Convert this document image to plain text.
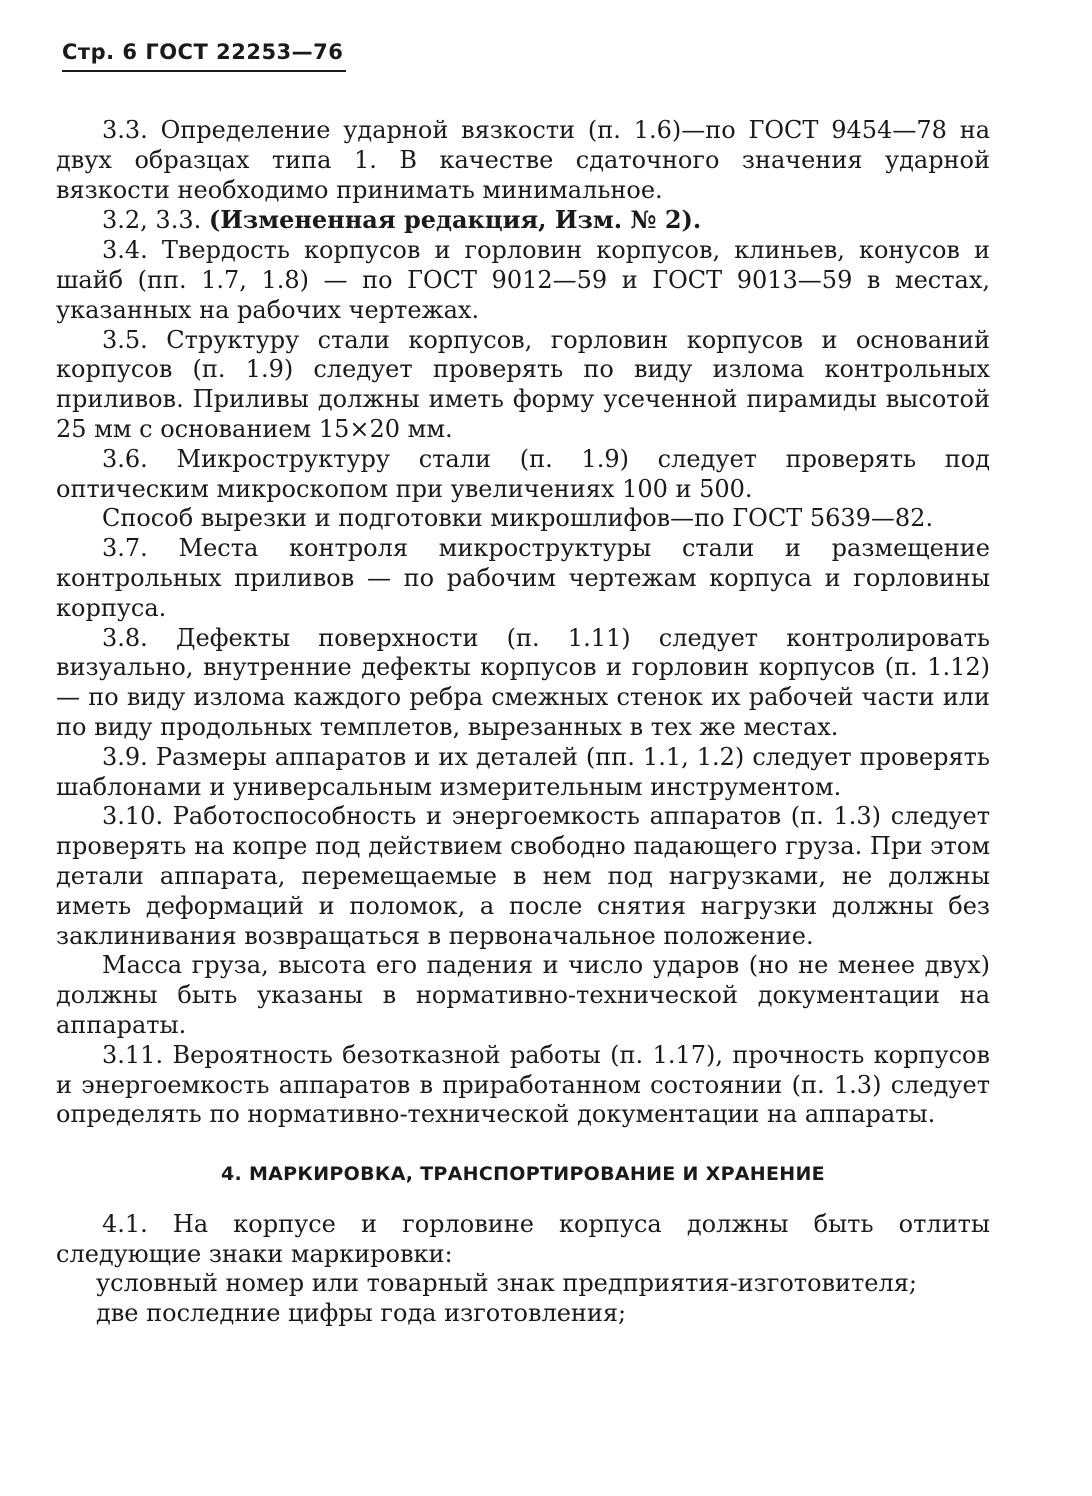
Стр. 6 ГОСТ 22253—76

3.3. Определение ударной вязкости (п. 1.6)—по ГОСТ 9454—78 на двух образцах типа 1. В качестве сдаточного значения ударной вязкости необходимо принимать минимальное.

3.2, 3.3. (Измененная редакция, Изм. № 2).

3.4. Твердость корпусов и горловин корпусов, клиньев, конусов и шайб (пп. 1.7, 1.8) — по ГОСТ 9012—59 и ГОСТ 9013—59 в местах, указанных на рабочих чертежах.

3.5. Структуру стали корпусов, горловин корпусов и оснований корпусов (п. 1.9) следует проверять по виду излома контрольных приливов. Приливы должны иметь форму усеченной пирамиды высотой 25 мм с основанием 15×20 мм.

3.6. Микроструктуру стали (п. 1.9) следует проверять под оптическим микроскопом при увеличениях 100 и 500.

Способ вырезки и подготовки микрошлифов—по ГОСТ 5639—82.

3.7. Места контроля микроструктуры стали и размещение контрольных приливов — по рабочим чертежам корпуса и горловины корпуса.

3.8. Дефекты поверхности (п. 1.11) следует контролировать визуально, внутренние дефекты корпусов и горловин корпусов (п. 1.12) — по виду излома каждого ребра смежных стенок их рабочей части или по виду продольных темплетов, вырезанных в тех же местах.

3.9. Размеры аппаратов и их деталей (пп. 1.1, 1.2) следует проверять шаблонами и универсальным измерительным инструментом.

3.10. Работоспособность и энергоемкость аппаратов (п. 1.3) следует проверять на копре под действием свободно падающего груза. При этом детали аппарата, перемещаемые в нем под нагрузками, не должны иметь деформаций и поломок, а после снятия нагрузки должны без заклинивания возвращаться в первоначальное положение.

Масса груза, высота его падения и число ударов (но не менее двух) должны быть указаны в нормативно-технической документации на аппараты.

3.11. Вероятность безотказной работы (п. 1.17), прочность корпусов и энергоемкость аппаратов в приработанном состоянии (п. 1.3) следует определять по нормативно-технической документации на аппараты.

4. МАРКИРОВКА, ТРАНСПОРТИРОВАНИЕ И ХРАНЕНИЕ

4.1. На корпусе и горловине корпуса должны быть отлиты следующие знаки маркировки:

условный номер или товарный знак предприятия-изготовителя;

две последние цифры года изготовления;
